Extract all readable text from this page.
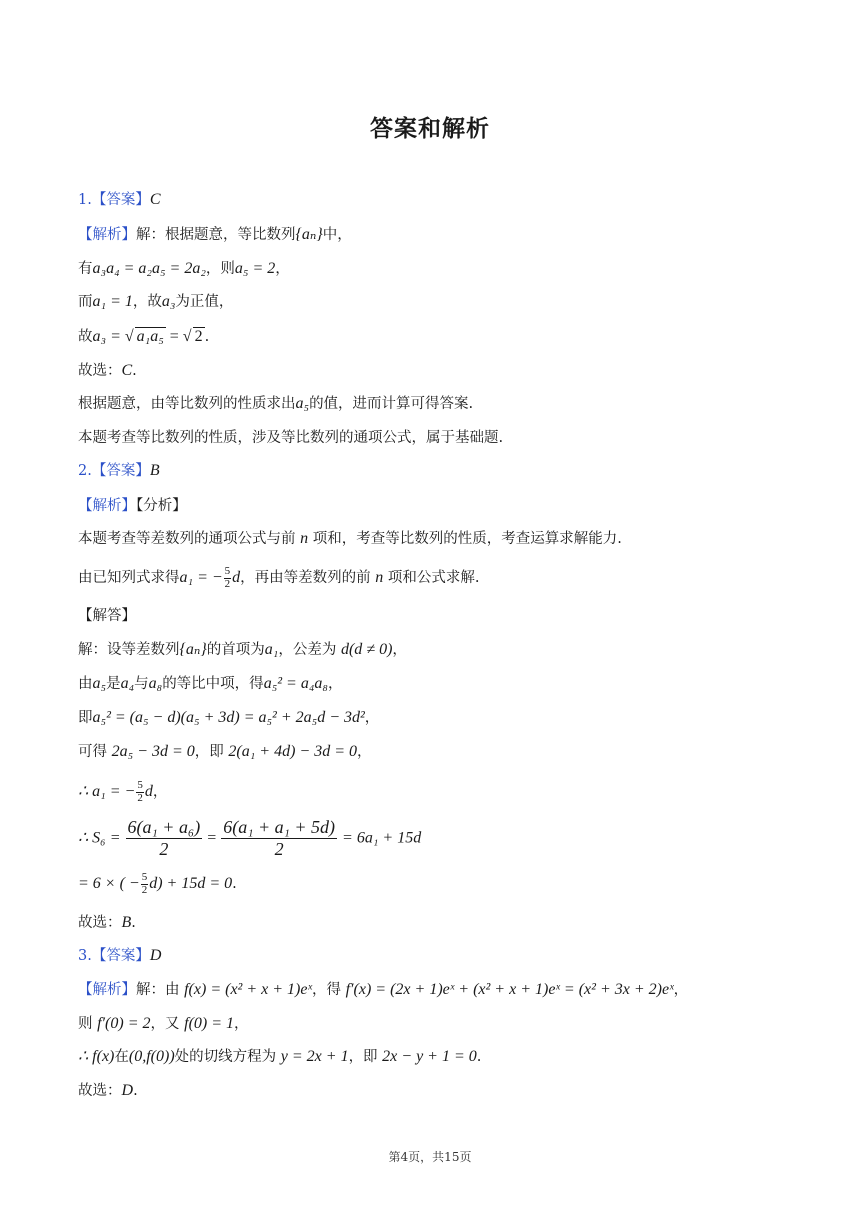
答案和解析
1.【答案】C
【解析】解：根据题意，等比数列{aₙ}中，
有a₃a₄ = a₂a₅ = 2a₂，则a₅ = 2，
而a₁ = 1，故a₃为正值，
故a₃ = √ a₁a₅ = √ 2 .
故选：C.
根据题意，由等比数列的性质求出a₅的值，进而计算可得答案.
本题考查等比数列的性质，涉及等比数列的通项公式，属于基础题.
2.【答案】B
【解析】【分析】
本题考查等差数列的通项公式与前 n 项和，考查等比数列的性质，考查运算求解能力.
由已知列式求得a₁ = − $\frac{5}{2}$ d，再由等差数列的前 n 项和公式求解.
【解答】
解：设等差数列{aₙ}的首项为a₁，公差为 d(d ≠ 0)，
由a₅是a₄与a₈的等比中项，得a₅² = a₄a₈，
即a₅² = (a₅ − d)(a₅ + 3d) = a₅² + 2a₅d − 3d²，
可得 2a₅ − 3d = 0，即 2(a₁ + 4d) − 3d = 0，
∴ a₁ = − $\frac{5}{2}$ d，
∴ $S_6 = \frac{\text{6(a₁ + a₆)}}{2} = \frac{\text{6(a₁ + a₁ + 5d)}}{2} = 6a_1 + 15d$
= 6 × ( − $\frac{5}{2} d) + 15d = 0$.
故选：B.
3.【答案】D
【解析】解：由 f(x) = (x² + x + 1)eˣ，得 f′(x) = (2x + 1)eˣ + (x² + x + 1)eˣ = (x² + 3x + 2)eˣ，
则 f′(0) = 2，又 f(0) = 1，
∴ f(x)在(0,f(0))处的切线方程为 y = 2x + 1，即 2x − y + 1 = 0.
故选：D.
第4页，共15页
